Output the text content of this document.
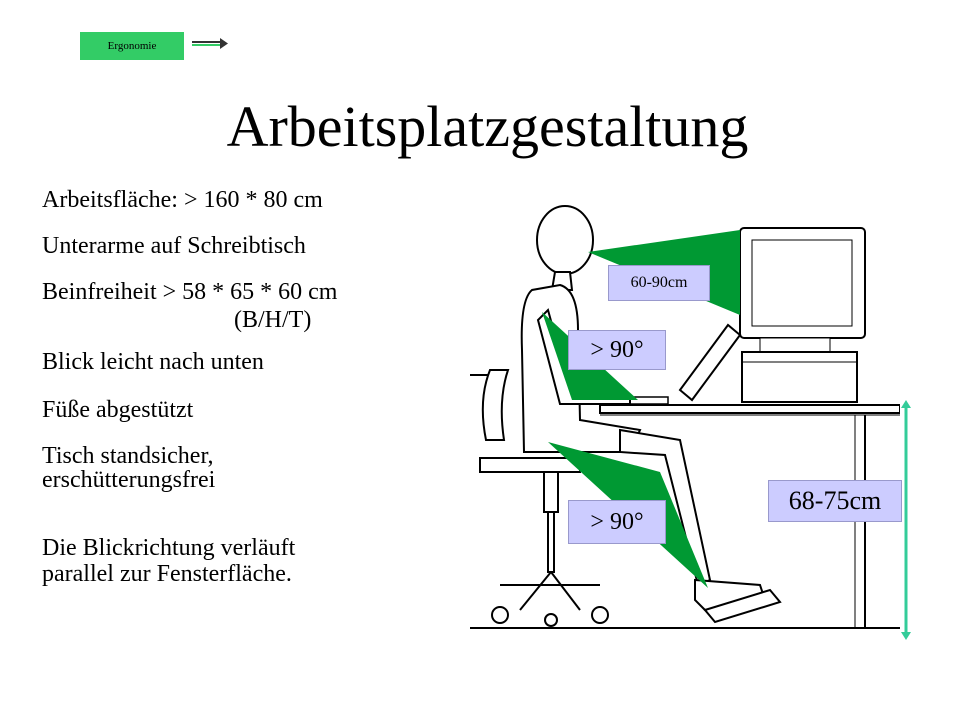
Ergonomie
Arbeitsplatzgestaltung
Arbeitsfläche: > 160 * 80 cm
Unterarme auf Schreibtisch
Beinfreiheit > 58 * 65 * 60 cm
(B/H/T)
Blick leicht nach unten
Füße abgestützt
Tisch standsicher,
erschütterungsfrei
Die Blickrichtung verläuft
parallel zur Fensterfläche.
60-90cm
> 90°
> 90°
68-75cm
